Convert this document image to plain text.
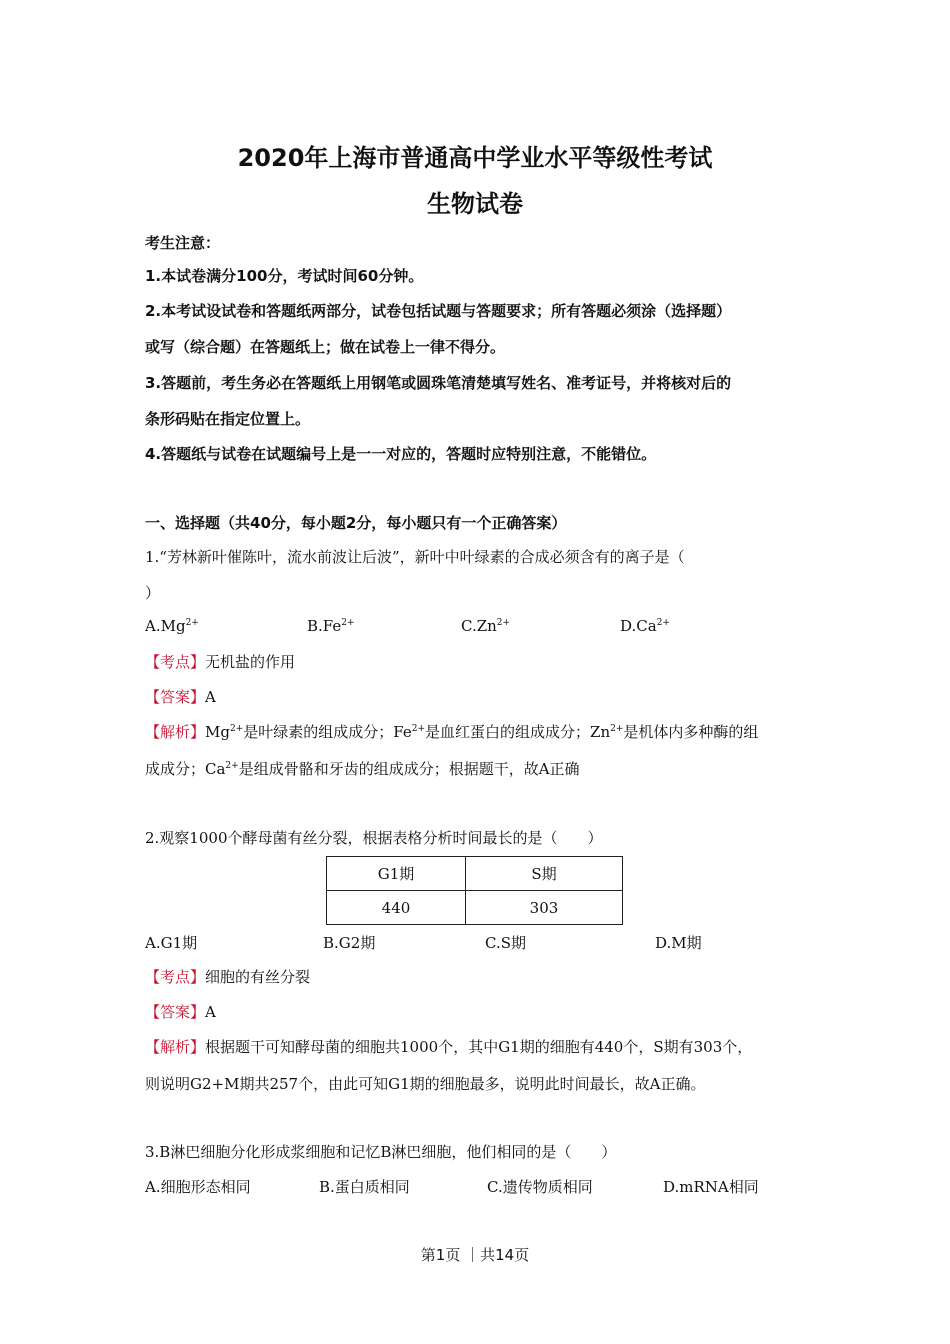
2020年上海市普通高中学业水平等级性考试
生物试卷
考生注意：
1.本试卷满分100分，考试时间60分钟。
2.本考试设试卷和答题纸两部分，试卷包括试题与答题要求；所有答题必须涂（选择题）
或写（综合题）在答题纸上；做在试卷上一律不得分。
3.答题前，考生务必在答题纸上用钢笔或圆珠笔清楚填写姓名、准考证号，并将核对后的
条形码贴在指定位置上。
4.答题纸与试卷在试题编号上是一一对应的，答题时应特别注意，不能错位。
一、选择题（共40分，每小题2分，每小题只有一个正确答案）
1.“芳林新叶催陈叶，流水前波让后波”，新叶中叶绿素的合成必须含有的离子是（
）
$A.Mg^{2+}$	$B.Fe^{2+}$	$C.Zn^{2+}$	$D.Ca^{2+}$
【考点】无机盐的作用
【答案】A
【解析】$Mg^{2+}$是叶绿素的组成成分；$Fe^{2+}$是血红蛋白的组成成分；$Zn^{2+}$是机体内多种酶的组
成成分；$Ca^{2+}$是组成骨骼和牙齿的组成成分；根据题干，故A正确
2.观察1000个酵母菌有丝分裂，根据表格分析时间最长的是（　　）
G1期	S期
440	303
A.G1期	B.G2期	C.S期	D.M期
【考点】细胞的有丝分裂
【答案】A
【解析】根据题干可知酵母菌的细胞共1000个，其中G1期的细胞有440个，S期有303个，
则说明G2+M期共257个，由此可知G1期的细胞最多，说明此时间最长，故A正确。
3.B淋巴细胞分化形成浆细胞和记忆B淋巴细胞，他们相同的是（　　）
A.细胞形态相同	B.蛋白质相同	C.遗传物质相同	D.mRNA相同
第1页 ｜共14页
